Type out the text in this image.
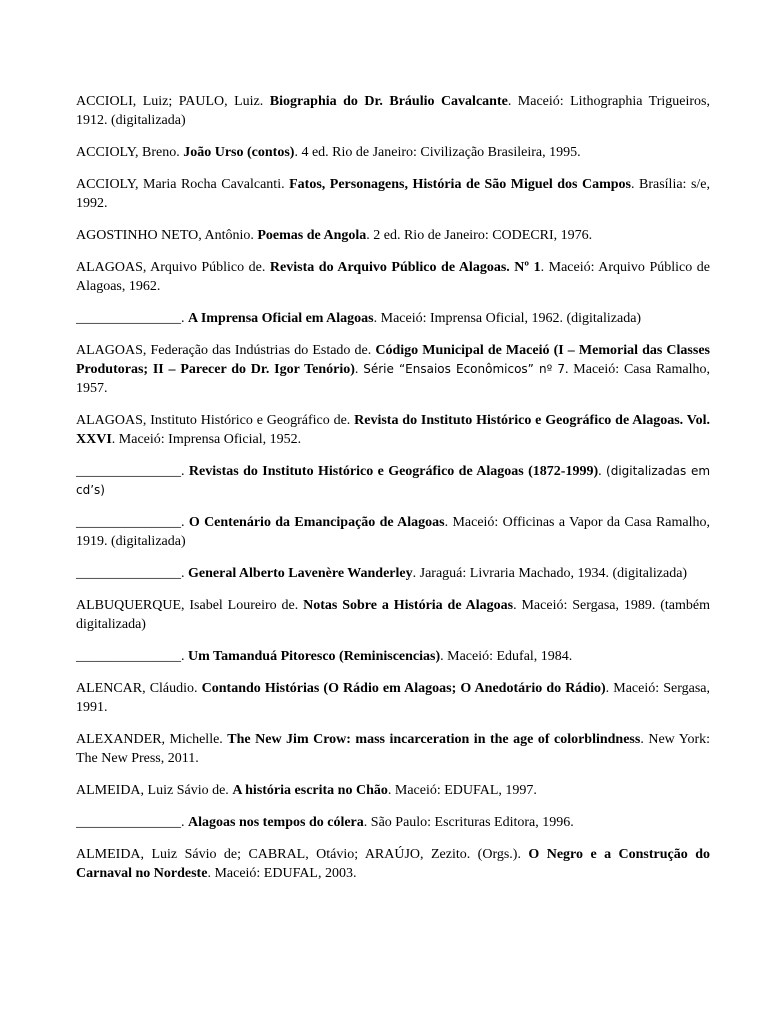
ACCIOLI, Luiz; PAULO, Luiz. Biographia do Dr. Bráulio Cavalcante. Maceió: Lithographia Trigueiros, 1912. (digitalizada)

ACCIOLY, Breno. João Urso (contos). 4 ed. Rio de Janeiro: Civilização Brasileira, 1995.

ACCIOLY, Maria Rocha Cavalcanti. Fatos, Personagens, História de São Miguel dos Campos. Brasília: s/e, 1992.

AGOSTINHO NETO, Antônio. Poemas de Angola. 2 ed. Rio de Janeiro: CODECRI, 1976.

ALAGOAS, Arquivo Público de. Revista do Arquivo Público de Alagoas. Nº 1. Maceió: Arquivo Público de Alagoas, 1962.

_______________. A Imprensa Oficial em Alagoas. Maceió: Imprensa Oficial, 1962. (digitalizada)

ALAGOAS, Federação das Indústrias do Estado de. Código Municipal de Maceió (I – Memorial das Classes Produtoras; II – Parecer do Dr. Igor Tenório). Série “Ensaios Econômicos” nº 7. Maceió: Casa Ramalho, 1957.

ALAGOAS, Instituto Histórico e Geográfico de. Revista do Instituto Histórico e Geográfico de Alagoas. Vol. XXVI. Maceió: Imprensa Oficial, 1952.

_______________. Revistas do Instituto Histórico e Geográfico de Alagoas (1872-1999). (digitalizadas em cd’s)

_______________. O Centenário da Emancipação de Alagoas. Maceió: Officinas a Vapor da Casa Ramalho, 1919. (digitalizada)

_______________. General Alberto Lavenère Wanderley. Jaraguá: Livraria Machado, 1934. (digitalizada)

ALBUQUERQUE, Isabel Loureiro de. Notas Sobre a História de Alagoas. Maceió: Sergasa, 1989. (também digitalizada)

_______________. Um Tamanduá Pitoresco (Reminiscencias). Maceió: Edufal, 1984.

ALENCAR, Cláudio. Contando Histórias (O Rádio em Alagoas; O Anedotário do Rádio). Maceió: Sergasa, 1991.

ALEXANDER, Michelle. The New Jim Crow: mass incarceration in the age of colorblindness. New York: The New Press, 2011.

ALMEIDA, Luiz Sávio de. A história escrita no Chão. Maceió: EDUFAL, 1997.

_______________. Alagoas nos tempos do cólera. São Paulo: Escrituras Editora, 1996.

ALMEIDA, Luiz Sávio de; CABRAL, Otávio; ARAÚJO, Zezito. (Orgs.). O Negro e a Construção do Carnaval no Nordeste. Maceió: EDUFAL, 2003.
